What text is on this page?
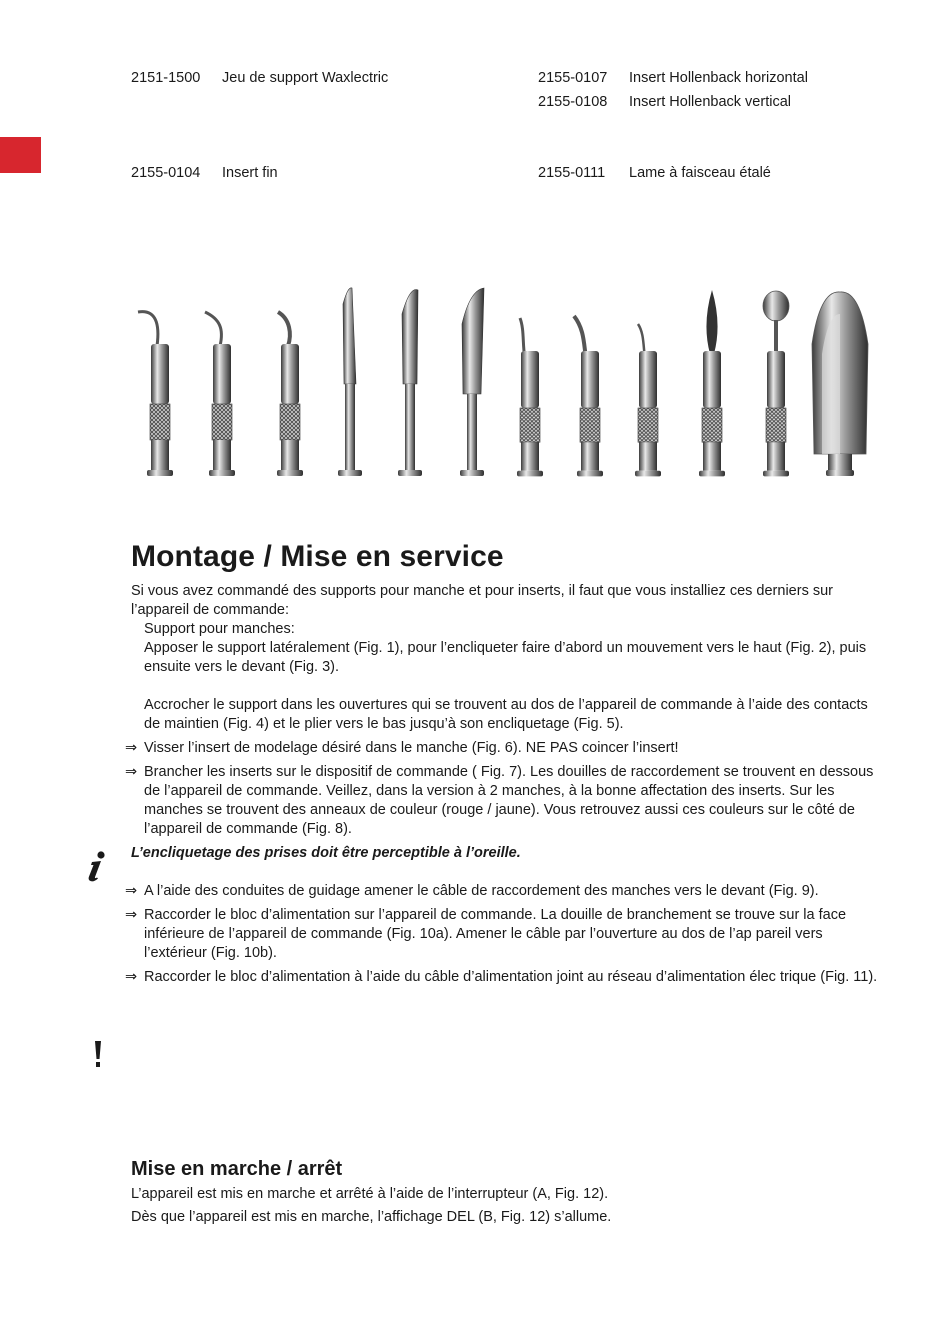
2151-1500 Jeu de support Waxlectric	2155-0107 Insert Hollenback horizontal
2155-0108 Insert Hollenback vertical
2155-0104 Insert fin	2155-0111 Lame à faisceau étalé
Montage / Mise en service

Si vous avez commandé des supports pour manche et pour inserts, il faut que vous installiez ces derniers sur l’appareil de commande:

Support pour manches:

Apposer le support latéralement (Fig. 1), pour l’encliqueter faire d’abord un mouvement vers le haut (Fig. 2), puis ensuite vers le devant (Fig. 3).

Accrocher le support dans les ouvertures qui se trouvent au dos de l’appareil de commande à l’aide des contacts de maintien (Fig. 4) et le plier vers le bas jusqu’à son encliquetage (Fig. 5).

⇒ Visser l’insert de modelage désiré dans le manche (Fig. 6). NE PAS coincer l’insert!

⇒ Brancher les inserts sur le dispositif de commande ( Fig. 7). Les douilles de raccordement se trouvent en dessous de l’appareil de commande. Veillez, dans la version à 2 manches, à la bonne affectation des inserts. Sur les manches se trouvent des anneaux de couleur (rouge / jaune). Vous retrouvez aussi ces couleurs sur le côté de l’appareil de commande (Fig. 8).

L’encliquetage des prises doit être perceptible à l’oreille.

⇒ A l’aide des conduites de guidage amener le câble de raccordement des manches vers le devant (Fig. 9).

⇒ Raccorder le bloc d’alimentation sur l’appareil de commande. La douille de branchement se trouve sur la face inférieure de l’appareil de commande (Fig. 10a). Amener le câble par l’ouverture au dos de l’ap pareil vers l’extérieur (Fig. 10b).

⇒ Raccorder le bloc d’alimentation à l’aide du câble d’alimentation joint au réseau d’alimentation élec trique (Fig. 11).

Mise en marche / arrêt

L’appareil est mis en marche et arrêté à l’aide de l’interrupteur (A, Fig. 12).

Dès que l’appareil est mis en marche, l’affichage DEL (B, Fig. 12) s’allume.
